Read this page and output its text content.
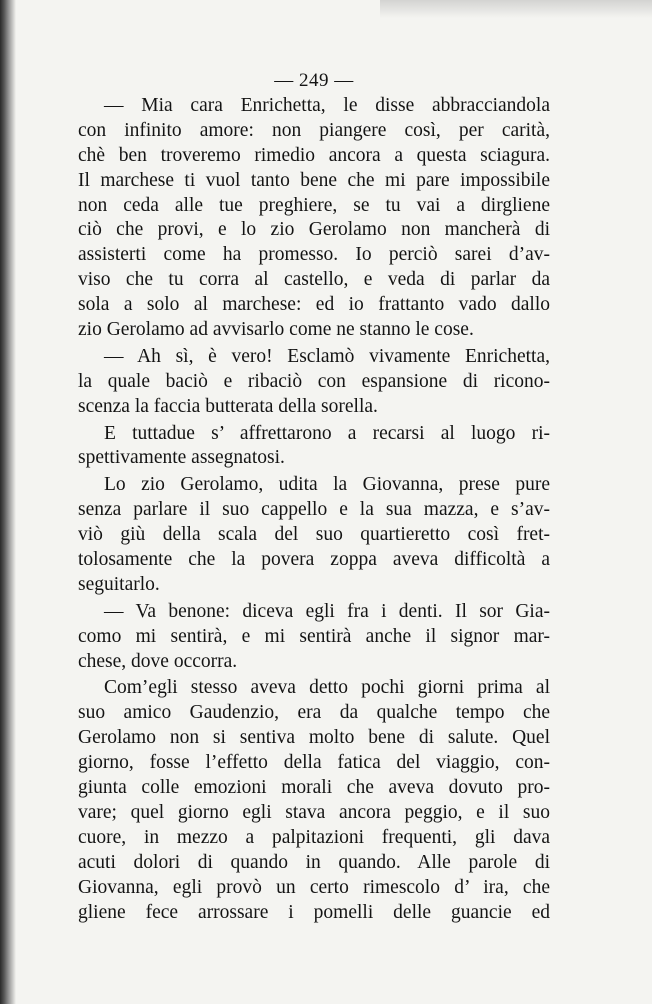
— 249 —
— Mia cara Enrichetta, le disse abbracciandola
con infinito amore: non piangere così, per carità,
chè ben troveremo rimedio ancora a questa sciagura.
Il marchese ti vuol tanto bene che mi pare impossibile
non ceda alle tue preghiere, se tu vai a dirgliene
ciò che provi, e lo zio Gerolamo non mancherà di
assisterti come ha promesso. Io perciò sarei d’av-
viso che tu corra al castello, e veda di parlar da
sola a solo al marchese: ed io frattanto vado dallo
zio Gerolamo ad avvisarlo come ne stanno le cose.
— Ah sì, è vero! Esclamò vivamente Enrichetta,
la quale baciò e ribaciò con espansione di ricono-
scenza la faccia butterata della sorella.
E tuttadue s’ affrettarono a recarsi al luogo ri-
spettivamente assegnatosi.
Lo zio Gerolamo, udita la Giovanna, prese pure
senza parlare il suo cappello e la sua mazza, e s’av-
viò giù della scala del suo quartieretto così fret-
tolosamente che la povera zoppa aveva difficoltà a
seguitarlo.
— Va benone: diceva egli fra i denti. Il sor Gia-
como mi sentirà, e mi sentirà anche il signor mar-
chese, dove occorra.
Com’egli stesso aveva detto pochi giorni prima al
suo amico Gaudenzio, era da qualche tempo che
Gerolamo non si sentiva molto bene di salute. Quel
giorno, fosse l’effetto della fatica del viaggio, con-
giunta colle emozioni morali che aveva dovuto pro-
vare; quel giorno egli stava ancora peggio, e il suo
cuore, in mezzo a palpitazioni frequenti, gli dava
acuti dolori di quando in quando. Alle parole di
Giovanna, egli provò un certo rimescolo d’ ira, che
gliene fece arrossare i pomelli delle guancie ed
